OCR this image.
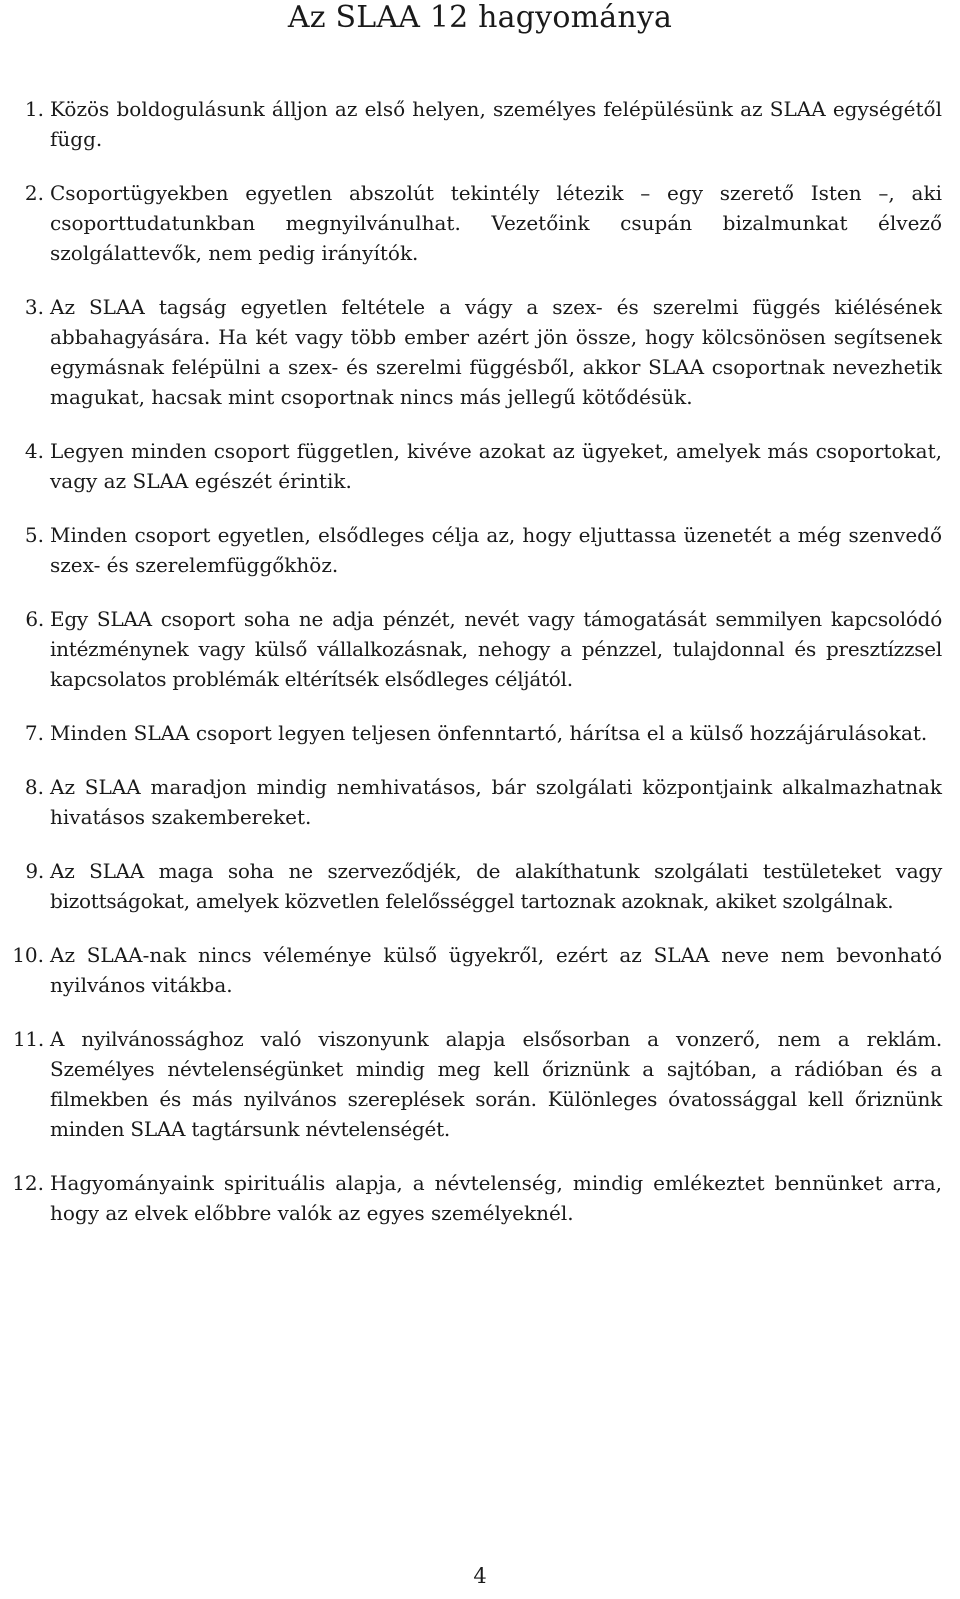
Az SLAA 12 hagyománya
1. Közös boldogulásunk álljon az első helyen, személyes felépülésünk az SLAA egységétől függ.
2. Csoportügyekben egyetlen abszolút tekintély létezik – egy szerető Isten –, aki csoporttudatunkban megnyilvánulhat. Vezetőink csupán bizalmunkat élvező szolgálattevők, nem pedig irányítók.
3. Az SLAA tagság egyetlen feltétele a vágy a szex- és szerelmi függés kiélésének abbahagyására. Ha két vagy több ember azért jön össze, hogy kölcsönösen segítsenek egymásnak felépülni a szex- és szerelmi függésből, akkor SLAA csoportnak nevezhetik magukat, hacsak mint csoportnak nincs más jellegű kötődésük.
4. Legyen minden csoport független, kivéve azokat az ügyeket, amelyek más csoportokat, vagy az SLAA egészét érintik.
5. Minden csoport egyetlen, elsődleges célja az, hogy eljuttassa üzenetét a még szenvedő szex- és szerelemfüggőkhöz.
6. Egy SLAA csoport soha ne adja pénzét, nevét vagy támogatását semmilyen kapcsolódó intézménynek vagy külső vállalkozásnak, nehogy a pénzzel, tulajdonnal és presztízzsel kapcsolatos problémák eltérítsék elsődleges céljától.
7. Minden SLAA csoport legyen teljesen önfenntartó, hárítsa el a külső hozzájárulásokat.
8. Az SLAA maradjon mindig nemhivatásos, bár szolgálati központjaink alkalmazhatnak hivatásos szakembereket.
9. Az SLAA maga soha ne szerveződjék, de alakíthatunk szolgálati testületeket vagy bizottságokat, amelyek közvetlen felelősséggel tartoznak azoknak, akiket szolgálnak.
10. Az SLAA-nak nincs véleménye külső ügyekről, ezért az SLAA neve nem bevonható nyilvános vitákba.
11. A nyilvánossághoz való viszonyunk alapja elsősorban a vonzerő, nem a reklám. Személyes névtelenségünket mindig meg kell őriznünk a sajtóban, a rádióban és a filmekben és más nyilvános szereplések során. Különleges óvatossággal kell őriznünk minden SLAA tagtársunk névtelenségét.
12. Hagyományaink spirituális alapja, a névtelenség, mindig emlékeztet bennünket arra, hogy az elvek előbbre valók az egyes személyeknél.
4
